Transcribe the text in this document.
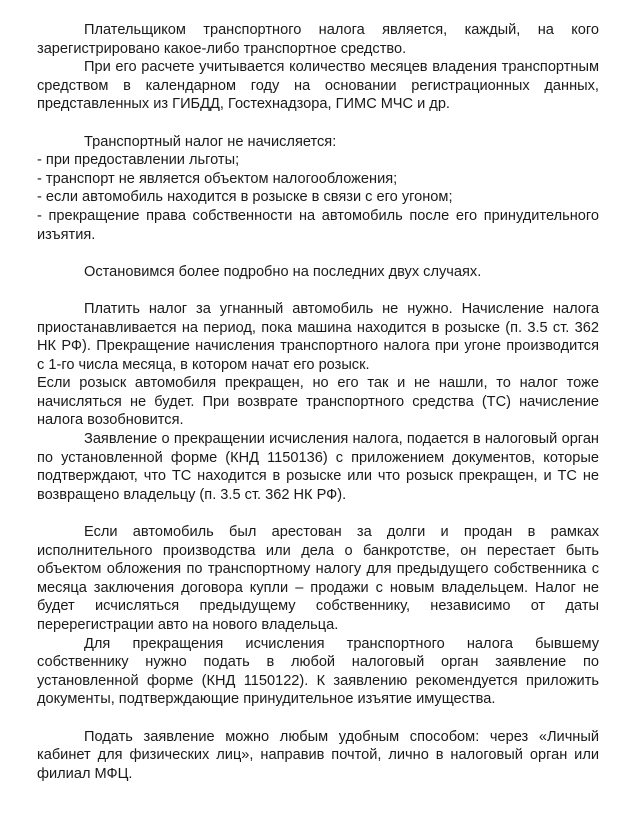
Плательщиком транспортного налога является, каждый, на кого зарегистрировано какое-либо транспортное средство.

При его расчете учитывается количество месяцев владения транспортным средством в календарном году на основании регистрационных данных, представленных из ГИБДД, Гостехнадзора, ГИМС МЧС и др.

Транспортный налог не начисляется:

- при предоставлении льготы;

- транспорт не является объектом налогообложения;

- если автомобиль находится в розыске в связи с его угоном;

- прекращение права собственности на автомобиль после его принудительного изъятия.

Остановимся более подробно на последних двух случаях.

Платить налог за угнанный автомобиль не нужно. Начисление налога приостанавливается на период, пока машина находится в розыске (п. 3.5 ст. 362 НК РФ). Прекращение начисления транспортного налога при угоне производится с 1-го числа месяца, в котором начат его розыск.

Если розыск автомобиля прекращен, но его так и не нашли, то налог тоже начисляться не будет. При возврате транспортного средства (ТС) начисление налога возобновится.

Заявление о прекращении исчисления налога, подается в налоговый орган по установленной форме (КНД 1150136) с приложением документов, которые подтверждают, что ТС находится в розыске или что розыск прекращен, и ТС не возвращено владельцу (п. 3.5 ст. 362 НК РФ).

Если автомобиль был арестован за долги и продан в рамках исполнительного производства или дела о банкротстве, он перестает быть объектом обложения по транспортному налогу для предыдущего собственника с месяца заключения договора купли – продажи с новым владельцем. Налог не будет исчисляться предыдущему собственнику, независимо от даты перерегистрации авто на нового владельца.

Для прекращения исчисления транспортного налога бывшему собственнику нужно подать в любой налоговый орган заявление по установленной форме (КНД 1150122). К заявлению рекомендуется приложить документы, подтверждающие принудительное изъятие имущества.

Подать заявление можно любым удобным способом: через «Личный кабинет для физических лиц», направив почтой, лично в налоговый орган или филиал МФЦ.
